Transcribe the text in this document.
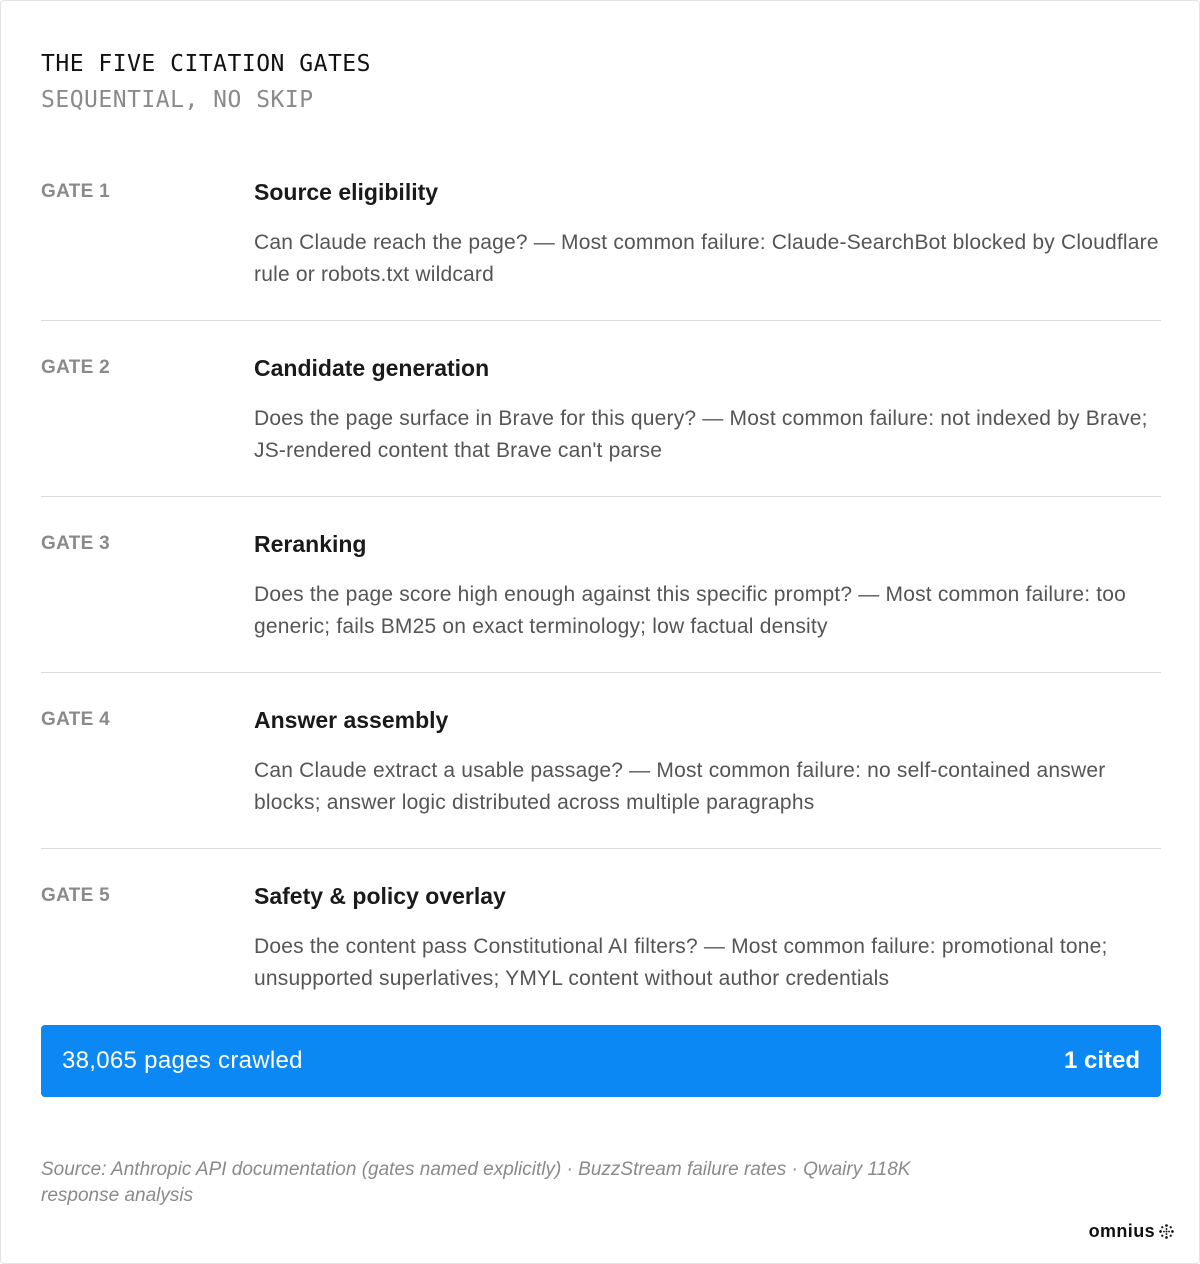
THE FIVE CITATION GATES
SEQUENTIAL, NO SKIP
GATE 1	Source eligibility
Can Claude reach the page? — Most common failure: Claude-SearchBot blocked by Cloudflare rule or robots.txt wildcard
GATE 2	Candidate generation
Does the page surface in Brave for this query? — Most common failure: not indexed by Brave; JS-rendered content that Brave can't parse
GATE 3	Reranking
Does the page score high enough against this specific prompt? — Most common failure: too generic; fails BM25 on exact terminology; low factual density
GATE 4	Answer assembly
Can Claude extract a usable passage? — Most common failure: no self-contained answer blocks; answer logic distributed across multiple paragraphs
GATE 5	Safety & policy overlay
Does the content pass Constitutional AI filters? — Most common failure: promotional tone; unsupported superlatives; YMYL content without author credentials
38,065 pages crawled	1 cited
Source: Anthropic API documentation (gates named explicitly) · BuzzStream failure rates · Qwairy 118K response analysis
omnius
